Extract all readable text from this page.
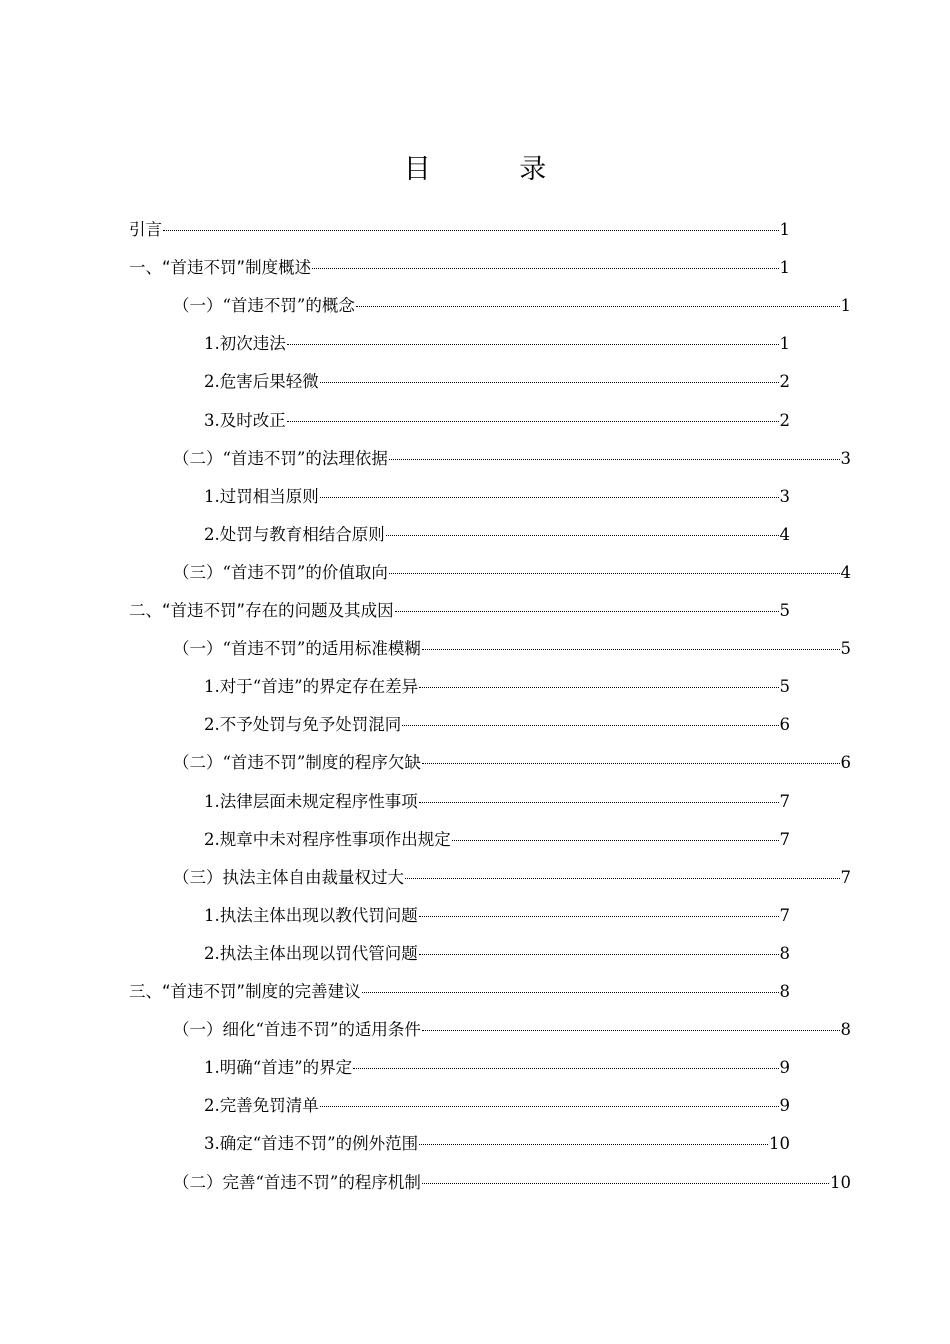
目 录
引言	1
一、“首违不罚”制度概述	1
（一）“首违不罚”的概念	1
1.初次违法	1
2.危害后果轻微	2
3.及时改正	2
（二）“首违不罚”的法理依据	3
1.过罚相当原则	3
2.处罚与教育相结合原则	4
（三）“首违不罚”的价值取向	4
二、“首违不罚”存在的问题及其成因	5
（一）“首违不罚”的适用标准模糊	5
1.对于“首违”的界定存在差异	5
2.不予处罚与免予处罚混同	6
（二）“首违不罚”制度的程序欠缺	6
1.法律层面未规定程序性事项	7
2.规章中未对程序性事项作出规定	7
（三）执法主体自由裁量权过大	7
1.执法主体出现以教代罚问题	7
2.执法主体出现以罚代管问题	8
三、“首违不罚”制度的完善建议	8
（一）细化“首违不罚”的适用条件	8
1.明确“首违”的界定	9
2.完善免罚清单	9
3.确定“首违不罚”的例外范围	10
（二）完善“首违不罚”的程序机制	10
